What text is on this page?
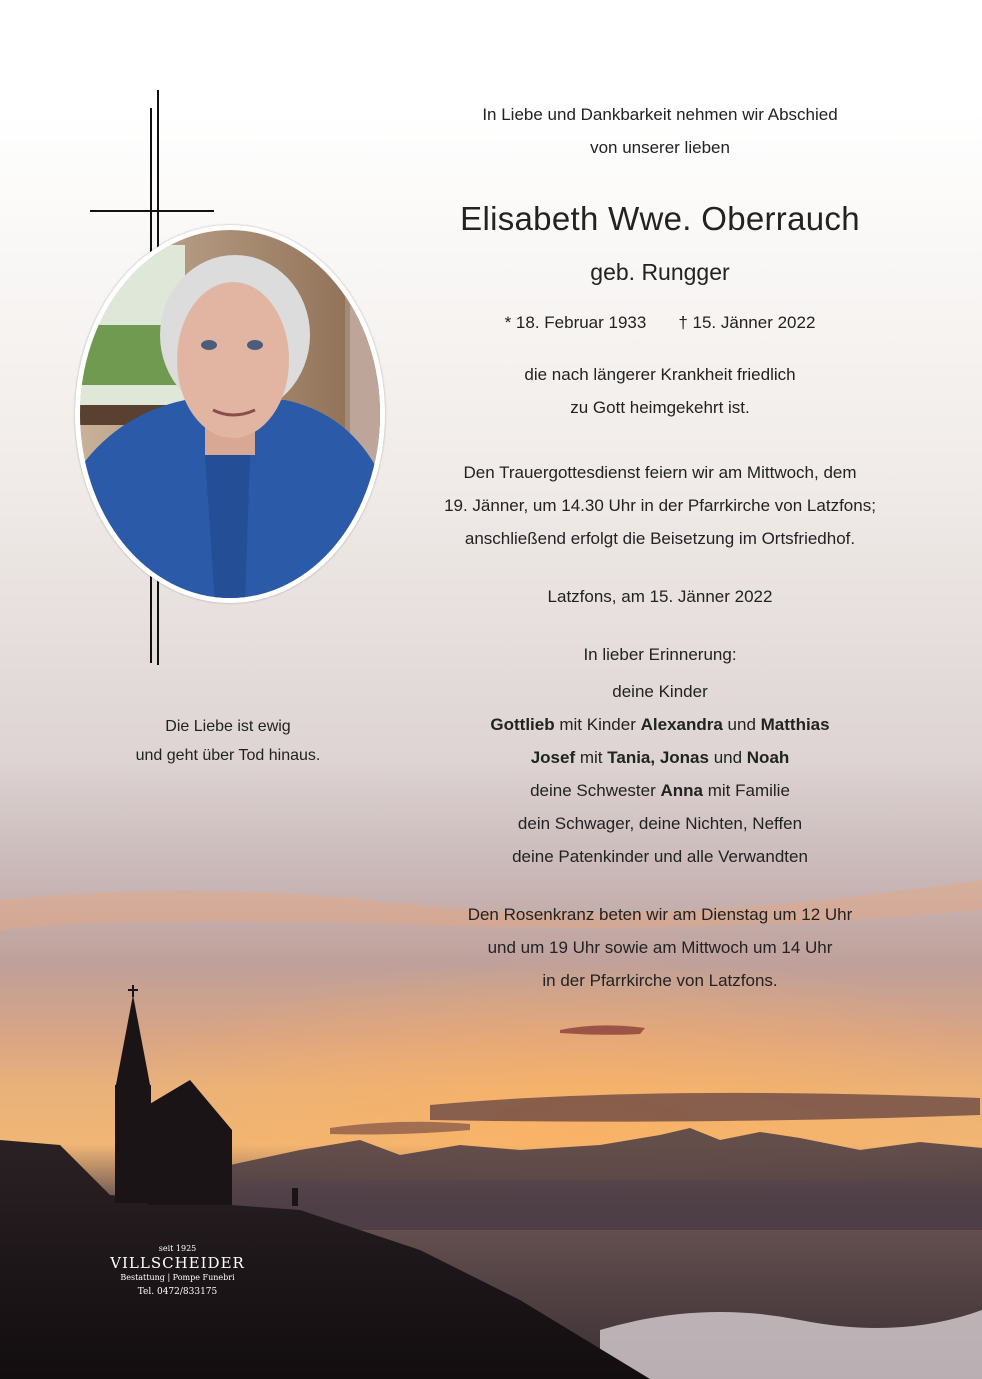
In Liebe und Dankbarkeit nehmen wir Abschied
von unserer lieben
Elisabeth Wwe. Oberrauch
geb. Rungger
* 18. Februar 1933 † 15. Jänner 2022
die nach längerer Krankheit friedlich
zu Gott heimgekehrt ist.
Den Trauergottesdienst feiern wir am Mittwoch, dem
19. Jänner, um 14.30 Uhr in der Pfarrkirche von Latzfons;
anschließend erfolgt die Beisetzung im Ortsfriedhof.
Latzfons, am 15. Jänner 2022
In lieber Erinnerung:
deine Kinder
Gottlieb mit Kinder Alexandra und Matthias
Josef mit Tania, Jonas und Noah
deine Schwester Anna mit Familie
dein Schwager, deine Nichten, Neffen
deine Patenkinder und alle Verwandten
Den Rosenkranz beten wir am Dienstag um 12 Uhr
und um 19 Uhr sowie am Mittwoch um 14 Uhr
in der Pfarrkirche von Latzfons.
Die Liebe ist ewig
und geht über Tod hinaus.
seit 1925
VILLSCHEIDER
Bestattung | Pompe Funebri
Tel. 0472/833175
